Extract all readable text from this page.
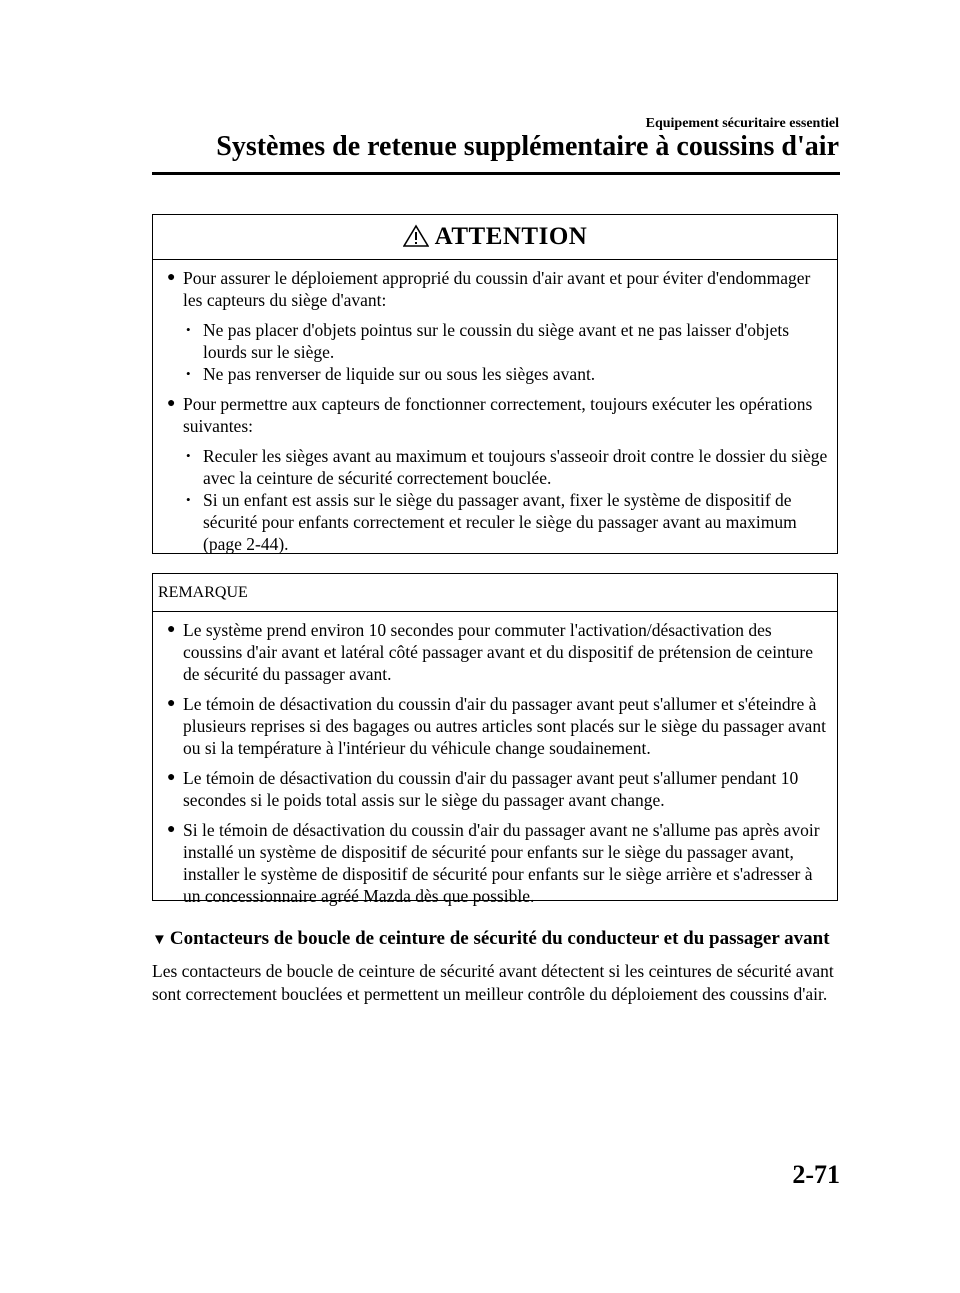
Equipement sécuritaire essentiel
Systèmes de retenue supplémentaire à coussins d'air
ATTENTION
● Pour assurer le déploiement approprié du coussin d'air avant et pour éviter d'endommager les capteurs du siège d'avant:
• Ne pas placer d'objets pointus sur le coussin du siège avant et ne pas laisser d'objets lourds sur le siège.
• Ne pas renverser de liquide sur ou sous les sièges avant.
● Pour permettre aux capteurs de fonctionner correctement, toujours exécuter les opérations suivantes:
• Reculer les sièges avant au maximum et toujours s'asseoir droit contre le dossier du siège avec la ceinture de sécurité correctement bouclée.
• Si un enfant est assis sur le siège du passager avant, fixer le système de dispositif de sécurité pour enfants correctement et reculer le siège du passager avant au maximum (page 2-44).
REMARQUE
● Le système prend environ 10 secondes pour commuter l'activation/désactivation des coussins d'air avant et latéral côté passager avant et du dispositif de prétension de ceinture de sécurité du passager avant.
● Le témoin de désactivation du coussin d'air du passager avant peut s'allumer et s'éteindre à plusieurs reprises si des bagages ou autres articles sont placés sur le siège du passager avant ou si la température à l'intérieur du véhicule change soudainement.
● Le témoin de désactivation du coussin d'air du passager avant peut s'allumer pendant 10 secondes si le poids total assis sur le siège du passager avant change.
● Si le témoin de désactivation du coussin d'air du passager avant ne s'allume pas après avoir installé un système de dispositif de sécurité pour enfants sur le siège du passager avant, installer le système de dispositif de sécurité pour enfants sur le siège arrière et s'adresser à un concessionnaire agréé Mazda dès que possible.
▼ Contacteurs de boucle de ceinture de sécurité du conducteur et du passager avant
Les contacteurs de boucle de ceinture de sécurité avant détectent si les ceintures de sécurité avant sont correctement bouclées et permettent un meilleur contrôle du déploiement des coussins d'air.
2-71
